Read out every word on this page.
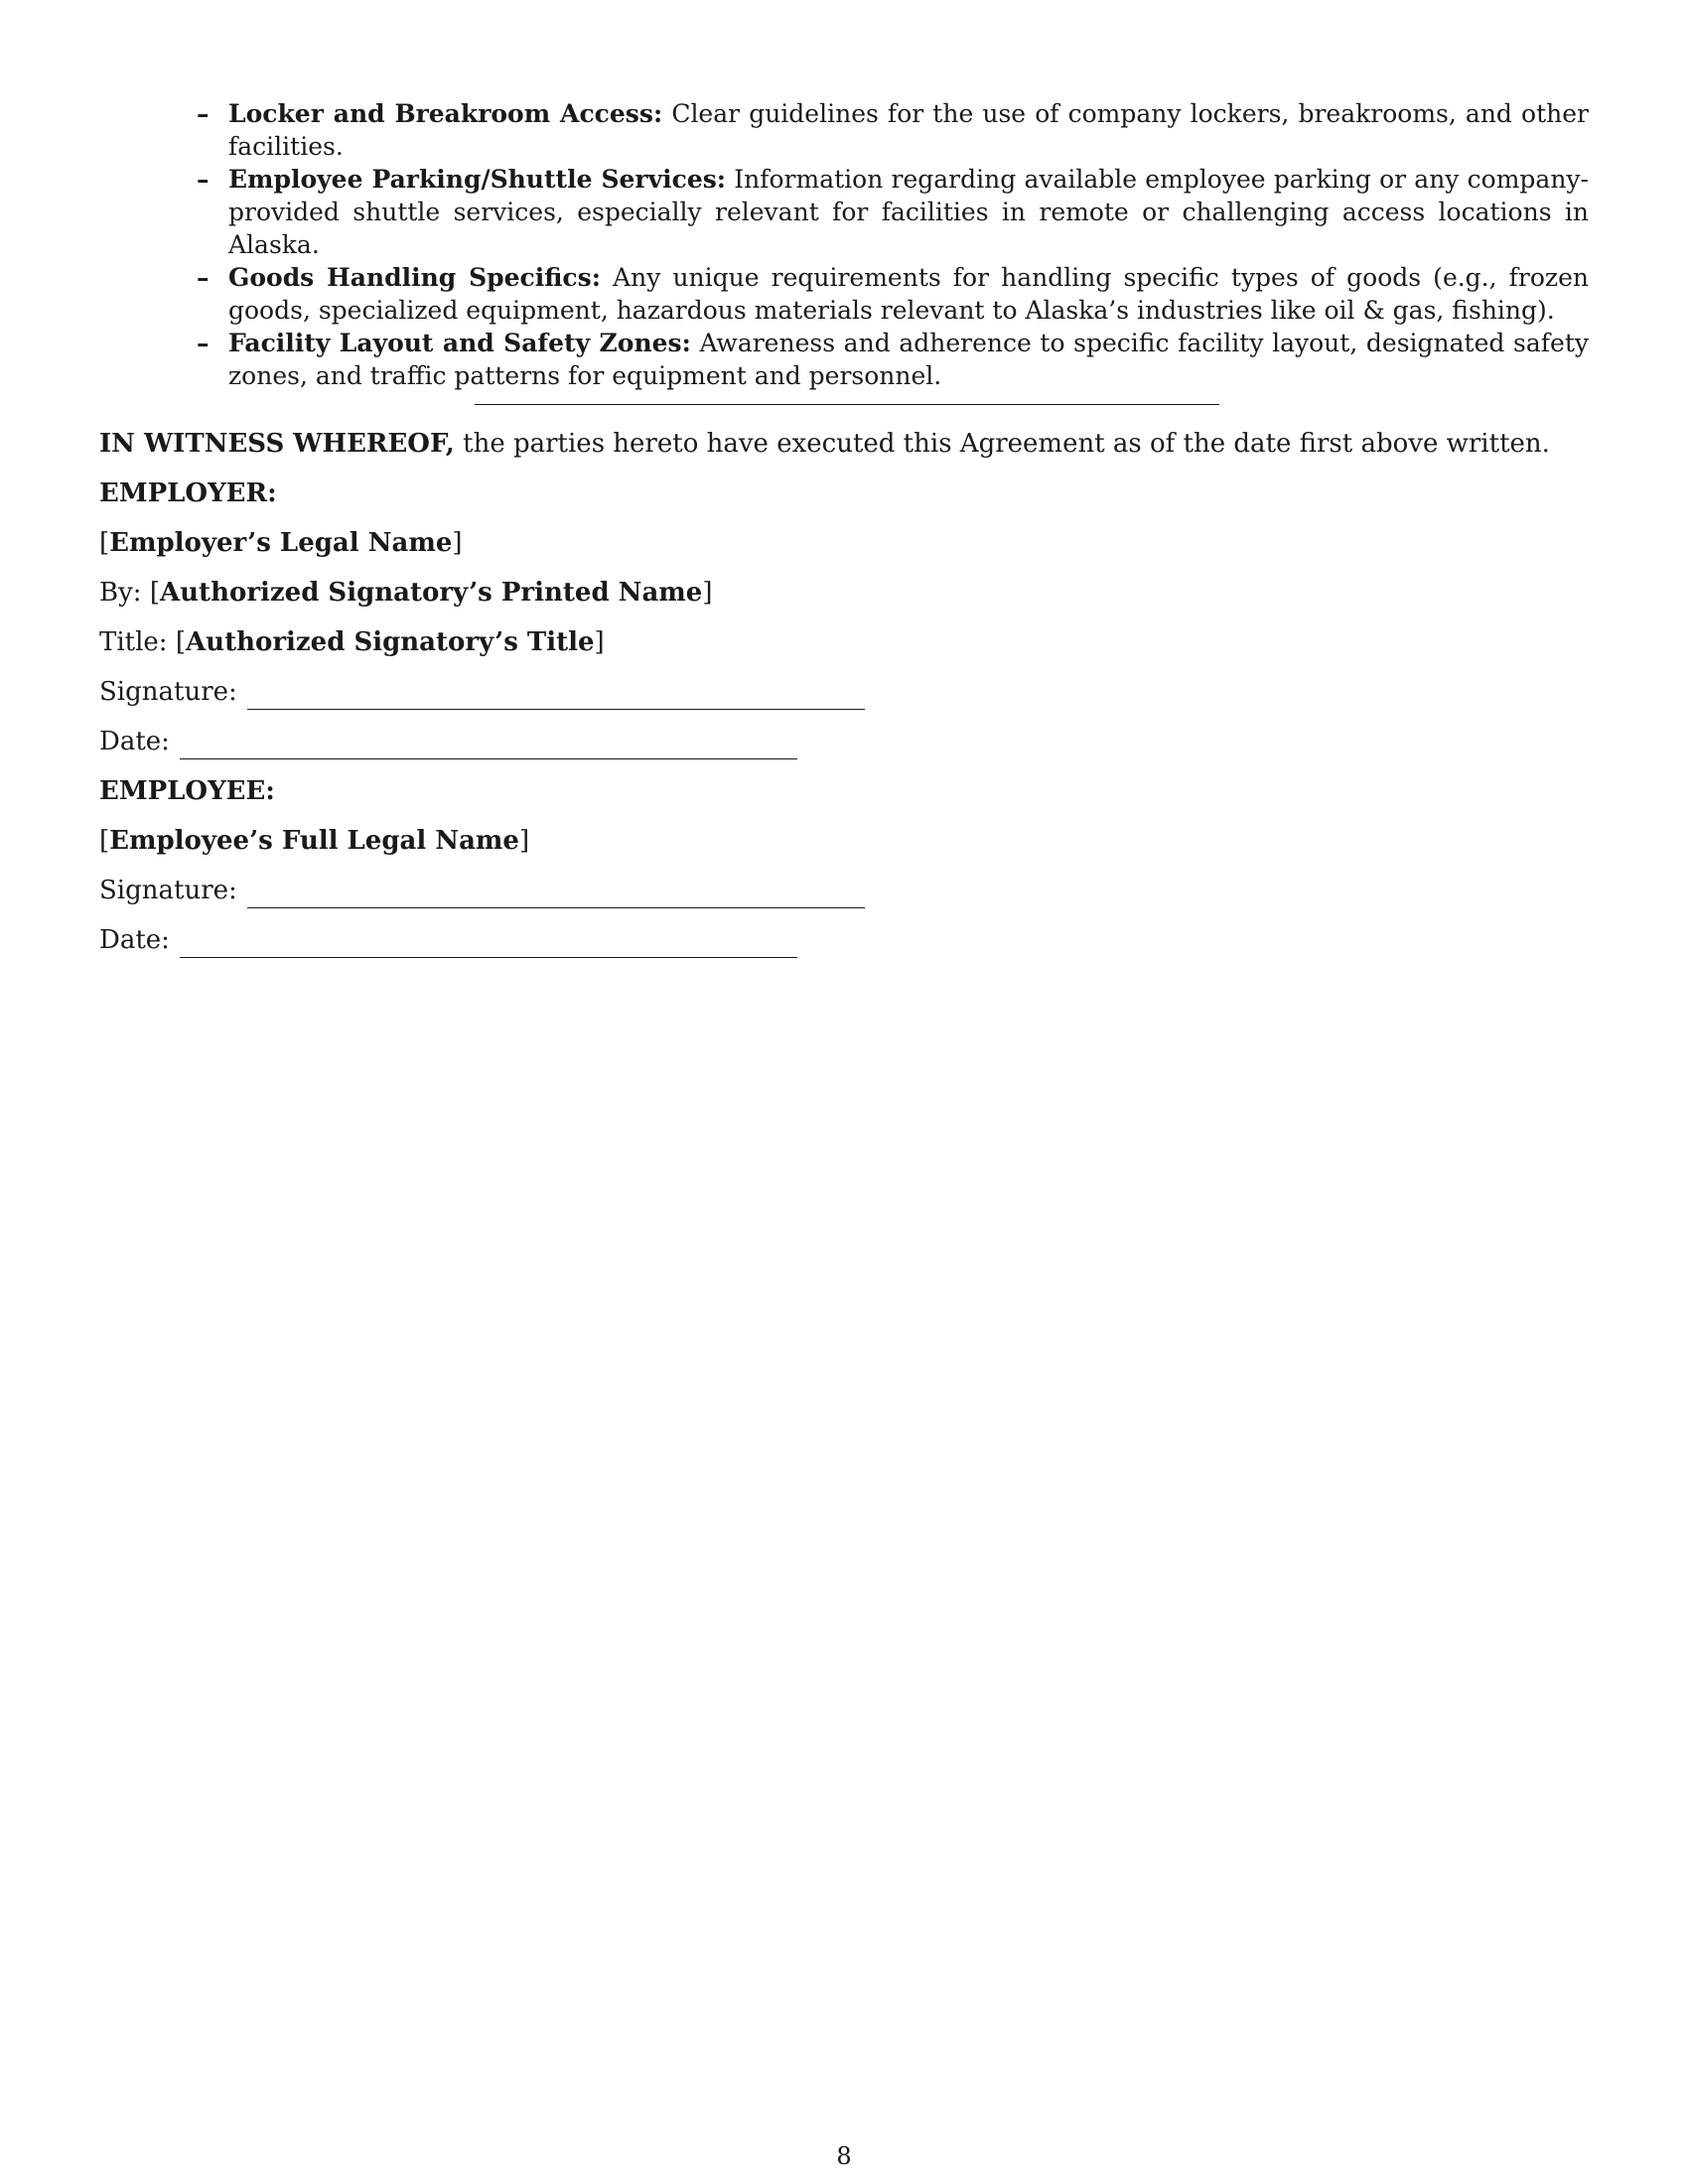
– Locker and Breakroom Access: Clear guidelines for the use of company lockers, breakrooms, and other facilities.
– Employee Parking/Shuttle Services: Information regarding available employee parking or any company-provided shuttle services, especially relevant for facilities in remote or challenging access locations in Alaska.
– Goods Handling Specifics: Any unique requirements for handling specific types of goods (e.g., frozen goods, specialized equipment, hazardous materials relevant to Alaska’s industries like oil & gas, fishing).
– Facility Layout and Safety Zones: Awareness and adherence to specific facility layout, designated safety zones, and traffic patterns for equipment and personnel.
IN WITNESS WHEREOF, the parties hereto have executed this Agreement as of the date first above written.
EMPLOYER:
[Employer’s Legal Name]
By: [Authorized Signatory’s Printed Name]
Title: [Authorized Signatory’s Title]
Signature:
Date:
EMPLOYEE:
[Employee’s Full Legal Name]
Signature:
Date:
8
